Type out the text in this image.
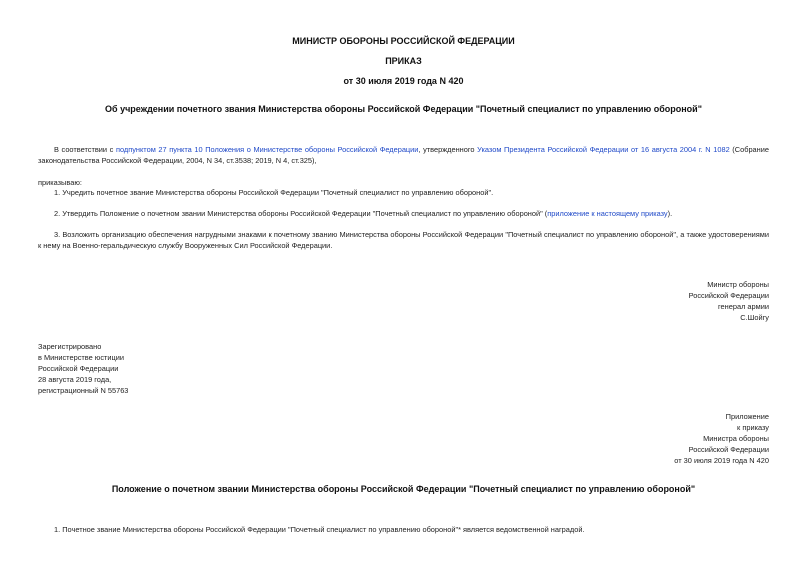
МИНИСТР ОБОРОНЫ РОССИЙСКОЙ ФЕДЕРАЦИИ
ПРИКАЗ
от 30 июля 2019 года N 420
Об учреждении почетного звания Министерства обороны Российской Федерации "Почетный специалист по управлению обороной"
В соответствии с подпунктом 27 пункта 10 Положения о Министерстве обороны Российской Федерации, утвержденного Указом Президента Российской Федерации от 16 августа 2004 г. N 1082 (Собрание законодательства Российской Федерации, 2004, N 34, ст.3538; 2019, N 4, ст.325),
приказываю:
1. Учредить почетное звание Министерства обороны Российской Федерации "Почетный специалист по управлению обороной".
2. Утвердить Положение о почетном звании Министерства обороны Российской Федерации "Почетный специалист по управлению обороной" (приложение к настоящему приказу).
3. Возложить организацию обеспечения нагрудными знаками к почетному званию Министерства обороны Российской Федерации "Почетный специалист по управлению обороной", а также удостоверениями к нему на Военно-геральдическую службу Вооруженных Сил Российской Федерации.
Министр обороны
Российской Федерации
генерал армии
С.Шойгу
Зарегистрировано
в Министерстве юстиции
Российской Федерации
28 августа 2019 года,
регистрационный N 55763
Приложение
к приказу
Министра обороны
Российской Федерации
от 30 июля 2019 года N 420
Положение о почетном звании Министерства обороны Российской Федерации "Почетный специалист по управлению обороной"
1. Почетное звание Министерства обороны Российской Федерации "Почетный специалист по управлению обороной"* является ведомственной наградой.
